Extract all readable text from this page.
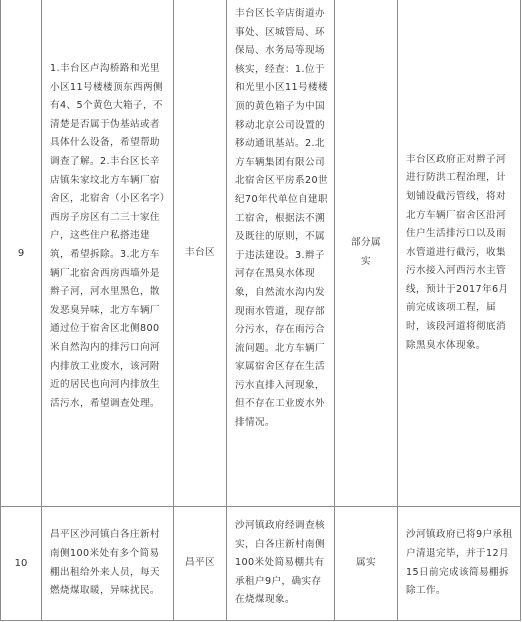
9
1.丰台区卢沟桥路和光里小区11号楼楼顶东西两侧有4、5个黄色大箱子，不清楚是否属于伪基站或者具体什么设备，希望帮助调查了解。2.丰台区长辛店镇朱家坟北方车辆厂宿舍区，北宿舍（小区名字）西房子房区有二三十家住户，这些住户私搭违建筑，希望拆除。3.北方车辆厂北宿舍西房西墙外是辫子河，河水里黑色，散发恶臭异味，北方车辆厂通过位于宿舍区北侧800米自然沟内的排污口向河内排放工业废水，该河附近的居民也向河内排放生活污水，希望调查处理。
丰台区
丰台区长辛店街道办事处、区城管局、环保局、水务局等现场核实，经查：1.位于和光里小区11号楼楼顶的黄色箱子为中国移动北京公司设置的移动通讯基站。2.北方车辆集团有限公司北宿舍区平房系20世纪70年代单位自建职工宿舍，根据法不溯及既往的原则，不属于违法建设。3.辫子河存在黑臭水体现象，自然流水沟内发现雨水管道，现存部分污水，存在雨污合流问题。北方车辆厂家属宿舍区存在生活污水直排入河现象，但不存在工业废水外排情况。
部分属实
丰台区政府正对辫子河进行防洪工程治理，计划铺设截污管线，将对北方车辆厂宿舍区沿河住户生活排污口以及雨水管道进行截污，收集污水接入河西污水主管线，预计于2017年6月前完成该项工程，届时，该段河道将彻底消除黑臭水体现象。
10
昌平区沙河镇白各庄新村南侧100米处有多个简易棚出租给外来人员，每天燃烧煤取暖，异味扰民。
昌平区
沙河镇政府经调查核实，白各庄新村南侧100米处简易棚共有承租户9户，确实存在烧煤现象。
属实
沙河镇政府已将9户承租户清退完毕，并于12月15日前完成该简易棚拆除工作。
